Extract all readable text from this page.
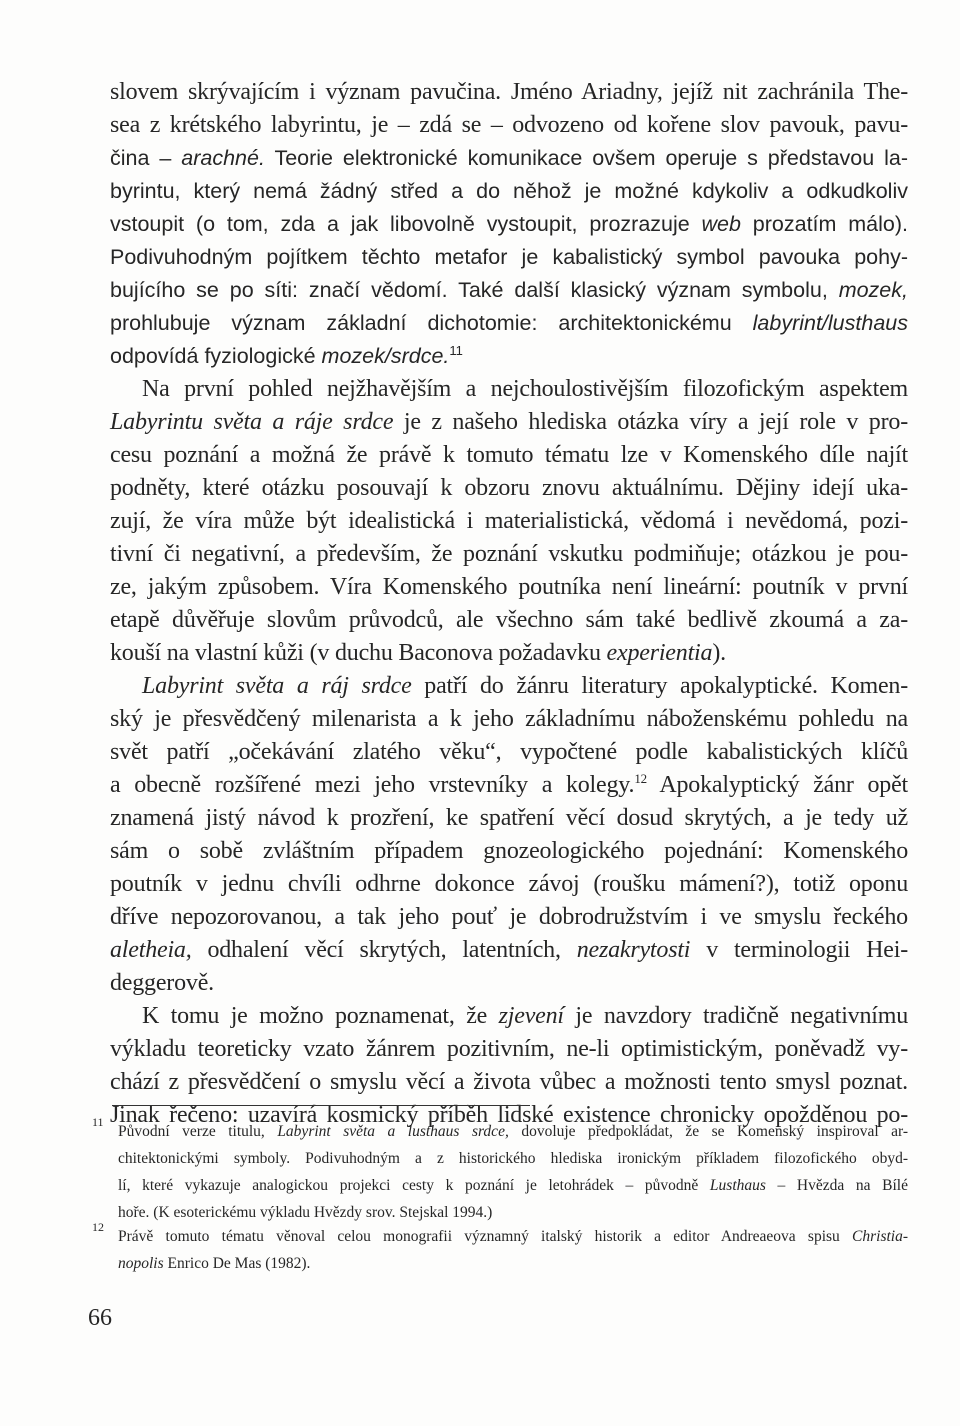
slovem skrývajícím i význam pavučina. Jméno Ariadny, jejíž nit zachránila The-
sea z krétského labyrintu, je – zdá se – odvozeno od kořene slov pavouk, pavu-
čina – arachné. Teorie elektronické komunikace ovšem operuje s představou la-
byrintu, který nemá žádný střed a do něhož je možné kdykoliv a odkudkoliv
vstoupit (o tom, zda a jak libovolně vystoupit, prozrazuje web prozatím málo).
Podivuhodným pojítkem těchto metafor je kabalistický symbol pavouka pohy-
bujícího se po síti: značí vědomí. Také další klasický význam symbolu, mozek,
prohlubuje význam základní dichotomie: architektonickému labyrint/lusthaus
odpovídá fyziologické mozek/srdce.$^{11}$
Na první pohled nejžhavějším a nejchoulostivějším filozofickým aspektem
Labyrintu světa a ráje srdce je z našeho hlediska otázka víry a její role v pro-
cesu poznání a možná že právě k tomuto tématu lze v Komenského díle najít
podněty, které otázku posouvají k obzoru znovu aktuálnímu. Dějiny idejí uka-
zují, že víra může být idealistická i materialistická, vědomá i nevědomá, pozi-
tivní či negativní, a především, že poznání vskutku podmiňuje; otázkou je pou-
ze, jakým způsobem. Víra Komenského poutníka není lineární: poutník v první
etapě důvěřuje slovům průvodců, ale všechno sám také bedlivě zkoumá a za-
kouší na vlastní kůži (v duchu Baconova požadavku experientia).
Labyrint světa a ráj srdce patří do žánru literatury apokalyptické. Komen-
ský je přesvědčený milenarista a k jeho základnímu náboženskému pohledu na
svět patří „očekávání zlatého věku“, vypočtené podle kabalistických klíčů
a obecně rozšířené mezi jeho vrstevníky a kolegy.$^{12}$ Apokalyptický žánr opět
znamená jistý návod k prozření, ke spatření věcí dosud skrytých, a je tedy už
sám o sobě zvláštním případem gnozeologického pojednání: Komenského
poutník v jednu chvíli odhrne dokonce závoj (roušku mámení?), totiž oponu
dříve nepozorovanou, a tak jeho pouť je dobrodružstvím i ve smyslu řeckého
aletheia, odhalení věcí skrytých, latentních, nezakrytosti v terminologii Hei-
deggerově.
K tomu je možno poznamenat, že zjevení je navzdory tradičně negativnímu
výkladu teoreticky vzato žánrem pozitivním, ne-li optimistickým, poněvadž vy-
chází z přesvědčení o smyslu věcí a života vůbec a možnosti tento smysl poznat.
Jinak řečeno: uzavírá kosmický příběh lidské existence chronicky opožděnou po-
11
Původní verze titulu, Labyrint světa a lusthaus srdce, dovoluje předpokládat, že se Komenský inspiroval ar-
chitektonickými symboly. Podivuhodným a z historického hlediska ironickým příkladem filozofického obyd-
lí, které vykazuje analogickou projekci cesty k poznání je letohrádek – původně Lusthaus – Hvězda na Bílé
hoře. (K esoterickému výkladu Hvězdy srov. Stejskal 1994.)
12
Právě tomuto tématu věnoval celou monografii významný italský historik a editor Andreaeova spisu Christia-
nopolis Enrico De Mas (1982).
66
